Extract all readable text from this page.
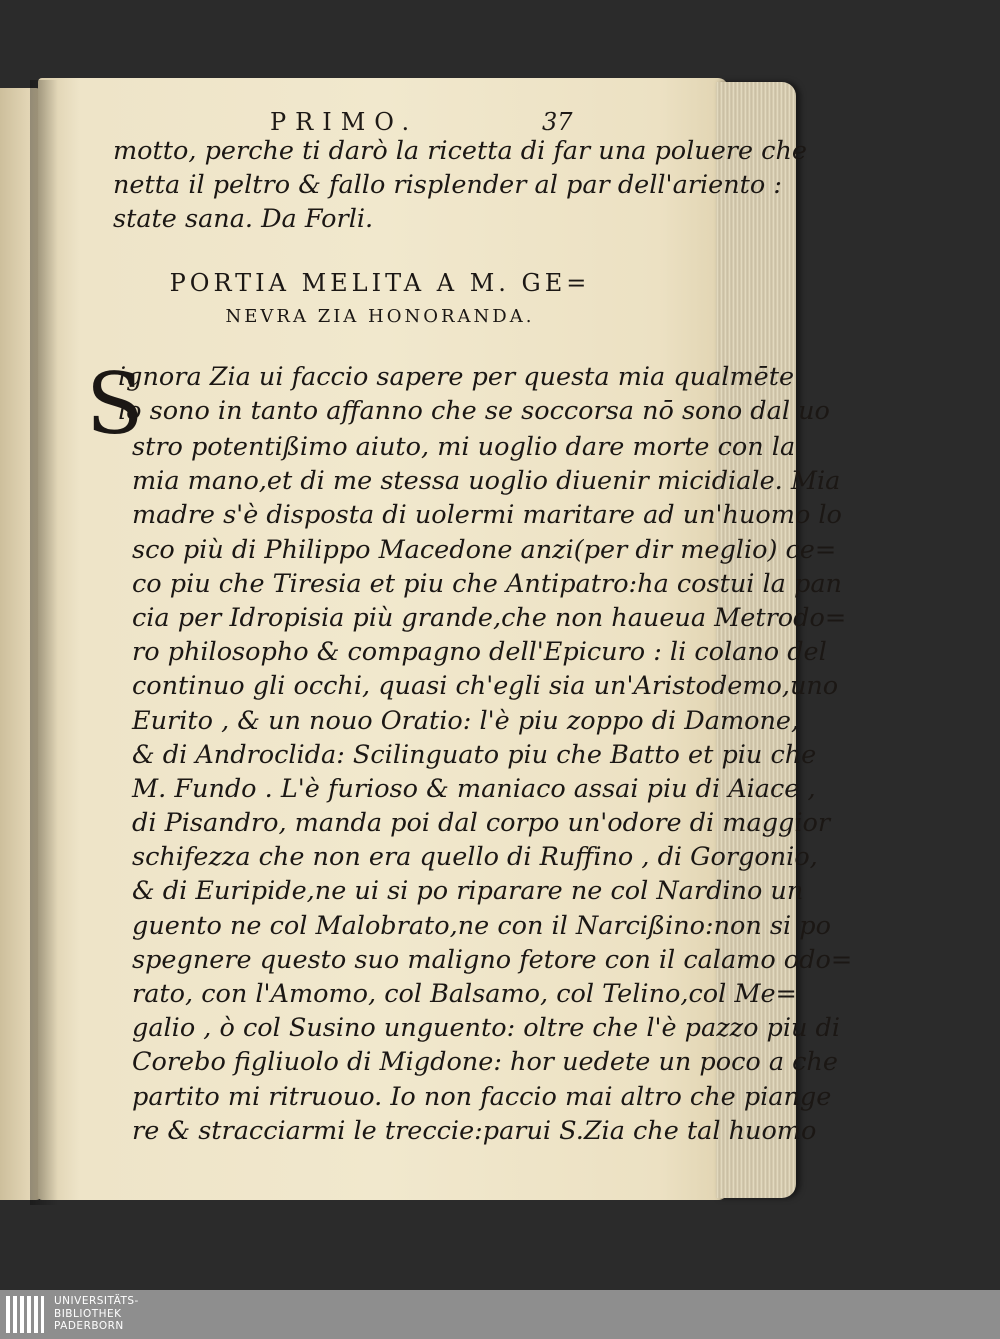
PRIMO.	37
motto, perche ti darò la ricetta di far una poluere che
netta il peltro & fallo risplender al par dell'ariento :
state sana. Da Forli.
PORTIA MELITA A M. GE=
NEVRA ZIA HONORANDA.
S
ignora Zia ui faccio sapere per questa mia qualmēte
io sono in tanto affanno che se soccorsa nō sono dal uo
stro potentißimo aiuto, mi uoglio dare morte con la
mia mano,et di me stessa uoglio diuenir micidiale. Mia
madre s'è disposta di uolermi maritare ad un'huomo lo
sco più di Philippo Macedone anzi(per dir meglio) ce=
co piu che Tiresia et piu che Antipatro:ha costui la pan
cia per Idropisia più grande,che non haueua Metrodo=
ro philosopho & compagno dell'Epicuro : li colano del
continuo gli occhi, quasi ch'egli sia un'Aristodemo,uno
Eurito , & un nouo Oratio: l'è piu zoppo di Damone,
& di Androclida: Scilinguato piu che Batto et piu che
M. Fundo . L'è furioso & maniaco assai piu di Aiace ,
di Pisandro, manda poi dal corpo un'odore di maggior
schifezza che non era quello di Ruffino , di Gorgonio,
& di Euripide,ne ui si po riparare ne col Nardino un
guento ne col Malobrato,ne con il Narcißino:non si po
spegnere questo suo maligno fetore con il calamo odo=
rato, con l'Amomo, col Balsamo, col Telino,col Me=
galio , ò col Susino unguento: oltre che l'è pazzo piu di
Corebo figliuolo di Migdone: hor uedete un poco a che
partito mi ritruouo. Io non faccio mai altro che piange
re & stracciarmi le treccie:parui S.Zia che tal huomo
UNIVERSITÄTS-
BIBLIOTHEK
PADERBORN
